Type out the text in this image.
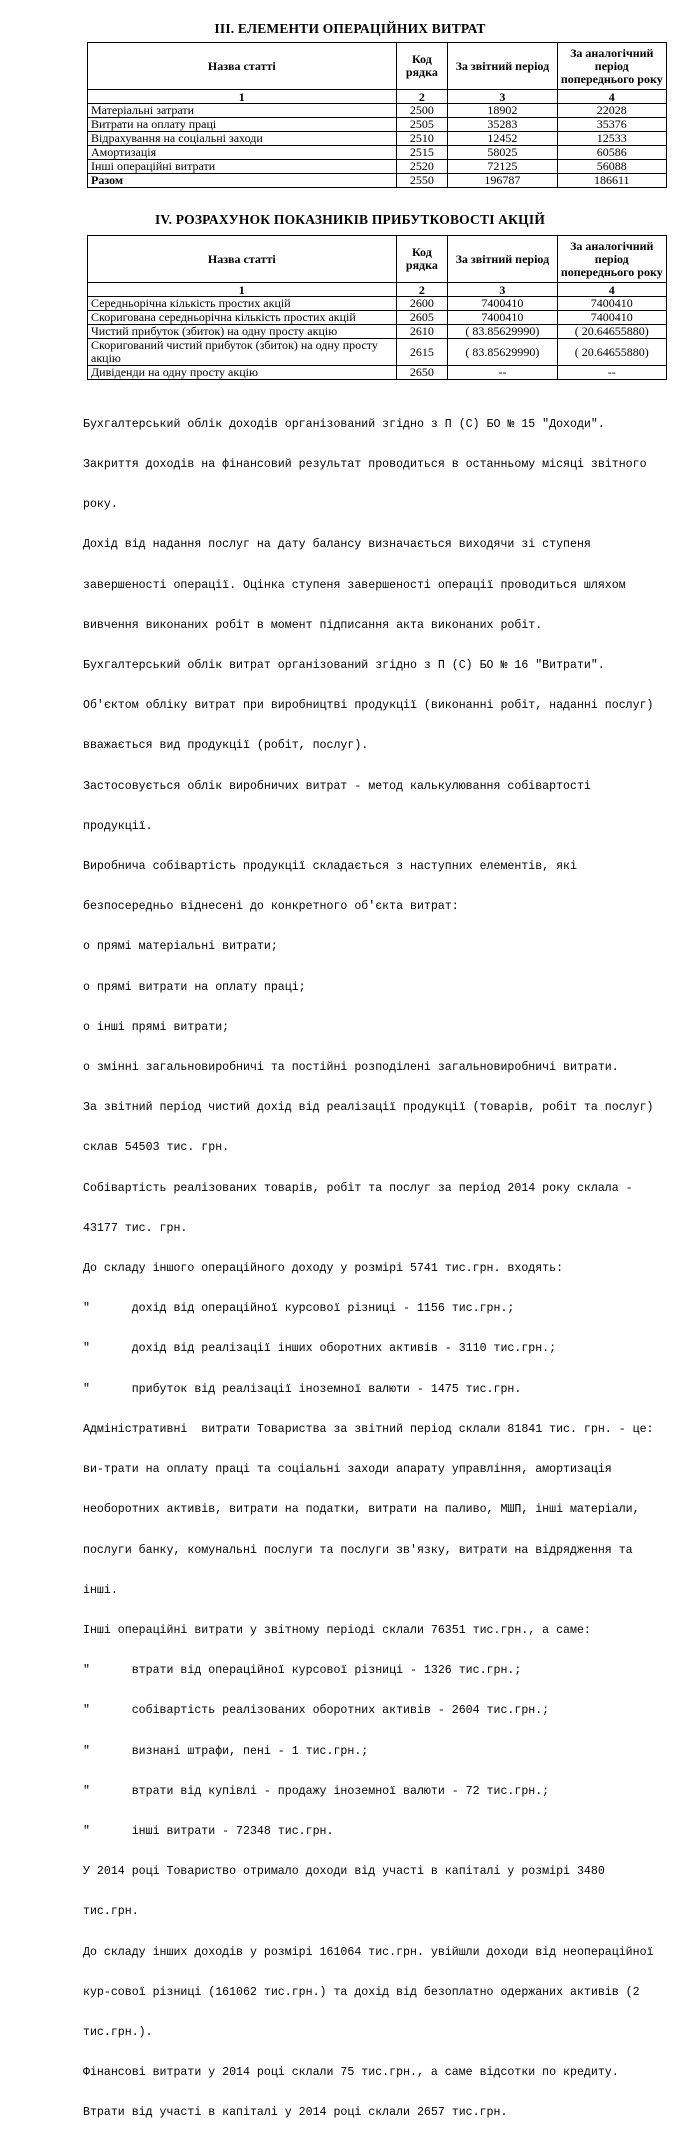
ІІІ. ЕЛЕМЕНТИ ОПЕРАЦІЙНИХ ВИТРАТ
Назва статті	Код рядка	За звітний період	За аналогічний період попереднього року
1	2	3	4
Матеріальні затрати	2500	18902	22028
Витрати на оплату праці	2505	35283	35376
Відрахування на соціальні заходи	2510	12452	12533
Амортизація	2515	58025	60586
Інші операційні витрати	2520	72125	56088
Разом	2550	196787	186611
IV. РОЗРАХУНОК ПОКАЗНИКІВ ПРИБУТКОВОСТІ АКЦІЙ
Назва статті	Код рядка	За звітний період	За аналогічний період попереднього року
1	2	3	4
Середньорічна кількість простих акцій	2600	7400410	7400410
Скоригована середньорічна кількість простих акцій	2605	7400410	7400410
Чистий прибуток (збиток) на одну просту акцію	2610	( 83.85629990)	( 20.64655880)
Скоригований чистий прибуток (збиток) на одну просту акцію	2615	( 83.85629990)	( 20.64655880)
Дивіденди на одну просту акцію	2650	--	--

Бухгалтерський облік доходів організований згідно з П (С) БО № 15 "Доходи".

Закриття доходів на фінансовий результат проводиться в останньому місяці звітного

року.

Дохід від надання послуг на дату балансу визначається виходячи зі ступеня

завершеності операції. Оцінка ступеня завершеності операції проводиться шляхом

вивчення виконаних робіт в момент підписання акта виконаних робіт.

Бухгалтерський облік витрат організований згідно з П (С) БО № 16 "Витрати".

Об'єктом обліку витрат при виробництві продукції (виконанні робіт, наданні послуг)

вважається вид продукції (робіт, послуг).

Застосовується облік виробничих витрат - метод калькулювання собівартості

продукції.

Виробнича собівартість продукції складається з наступних елементів, які

безпосередньо віднесені до конкретного об'єкта витрат:

о прямі матеріальні витрати;

о прямі витрати на оплату праці;

о інші прямі витрати;

о змінні загальновиробничі та постійні розподілені загальновиробничі витрати.

За звітний період чистий дохід від реалізації продукції (товарів, робіт та послуг)

склав 54503 тис. грн.

Собівартість реалізованих товарів, робіт та послуг за період 2014 року склала -

43177 тис. грн.

До складу іншого операційного доходу у розмірі 5741 тис.грн. входять:

"      дохід від операційної курсової різниці - 1156 тис.грн.;

"      дохід від реалізації інших оборотних активів - 3110 тис.грн.;

"      прибуток від реалізації іноземної валюти - 1475 тис.грн.

Адміністративні  витрати Товариства за звітний період склали 81841 тис. грн. - це:

ви-трати на оплату праці та соціальні заходи апарату управління, амортизація

необоротних активів, витрати на податки, витрати на паливо, МШП, інші матеріали,

послуги банку, комунальні послуги та послуги зв'язку, витрати на відрядження та

інші.

Інші операційні витрати у звітному періоді склали 76351 тис.грн., а саме:

"      втрати від операційної курсової різниці - 1326 тис.грн.;

"      собівартість реалізованих оборотних активів - 2604 тис.грн.;

"      визнані штрафи, пені - 1 тис.грн.;

"      втрати від купівлі - продажу іноземної валюти - 72 тис.грн.;

"      інші витрати - 72348 тис.грн.

У 2014 році Товариство отримало доходи від участі в капіталі у розмірі 3480

тис.грн.

До складу інших доходів у розмірі 161064 тис.грн. увійшли доходи від неопераційної

кур-сової різниці (161062 тис.грн.) та дохід від безоплатно одержаних активів (2

тис.грн.).

Фінансові витрати у 2014 році склали 75 тис.грн., а саме відсотки по кредиту.

Втрати від участі в капіталі у 2014 році склали 2657 тис.грн.
